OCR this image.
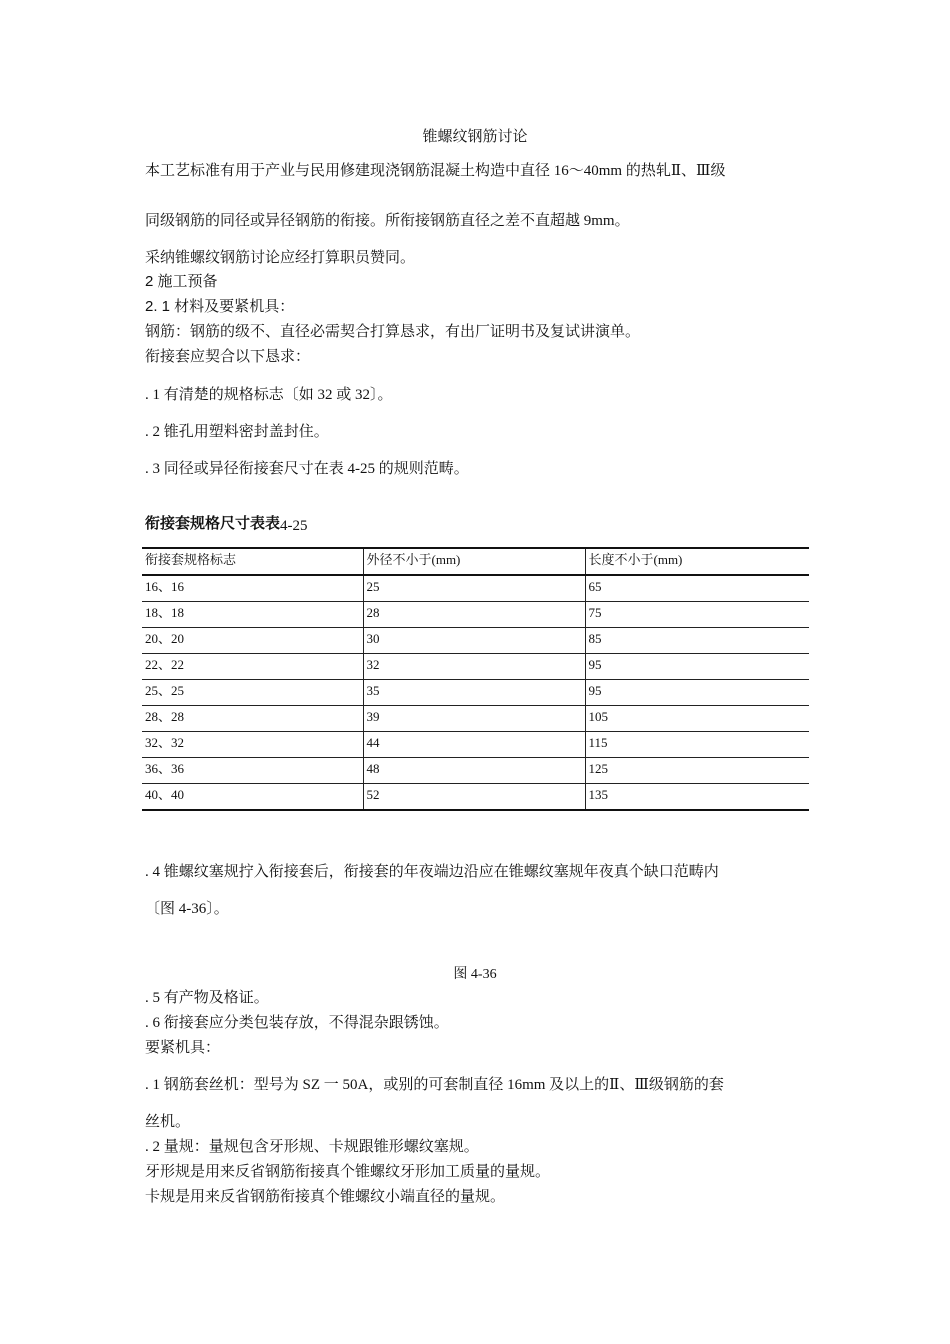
锥螺纹钢筋讨论
本工艺标准有用于产业与民用修建现浇钢筋混凝土构造中直径 16～40mm 的热轧Ⅱ、Ⅲ级
同级钢筋的同径或异径钢筋的衔接。所衔接钢筋直径之差不直超越 9mm。
采纳锥螺纹钢筋讨论应经打算职员赞同。
2 施工预备
2. 1 材料及要紧机具：
钢筋：钢筋的级不、直径必需契合打算恳求，有出厂证明书及复试讲演单。
衔接套应契合以下恳求：
. 1 有清楚的规格标志〔如 32 或 32〕。
. 2 锥孔用塑料密封盖封住。
. 3 同径或异径衔接套尺寸在表 4-25 的规则范畴。
衔接套规格尺寸表表4-25
衔接套规格标志	外径不小于(mm)	长度不小于(mm)
16、16	25	65
18、18	28	75
20、20	30	85
22、22	32	95
25、25	35	95
28、28	39	105
32、32	44	115
36、36	48	125
40、40	52	135
. 4 锥螺纹塞规拧入衔接套后，衔接套的年夜端边沿应在锥螺纹塞规年夜真个缺口范畴内
〔图 4-36〕。
图 4-36
. 5 有产物及格证。
. 6 衔接套应分类包装存放，不得混杂跟锈蚀。
要紧机具：
. 1 钢筋套丝机：型号为 SZ 一 50A，或别的可套制直径 16mm 及以上的Ⅱ、Ⅲ级钢筋的套
丝机。
. 2 量规：量规包含牙形规、卡规跟锥形螺纹塞规。
牙形规是用来反省钢筋衔接真个锥螺纹牙形加工质量的量规。
卡规是用来反省钢筋衔接真个锥螺纹小端直径的量规。
